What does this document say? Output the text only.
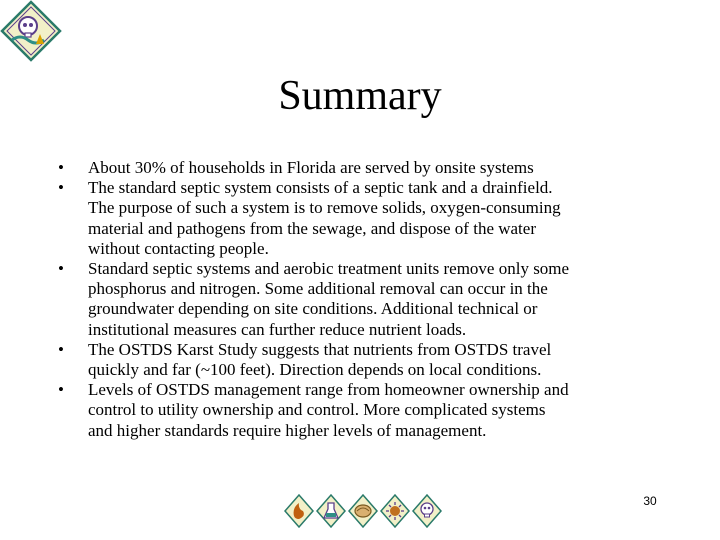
Summary
• About 30% of households in Florida are served by onsite systems
• The standard septic system consists of a septic tank and a drainfield.
The purpose of such a system is to remove solids, oxygen-consuming
material and pathogens from the sewage, and dispose of the water
without contacting people.
• Standard septic systems and aerobic treatment units remove only some
phosphorus and nitrogen. Some additional removal can occur in the
groundwater depending on site conditions. Additional technical or
institutional measures can further reduce nutrient loads.
• The OSTDS Karst Study suggests that nutrients from OSTDS travel
quickly and far (~100 feet). Direction depends on local conditions.
• Levels of OSTDS management range from homeowner ownership and
control to utility ownership and control. More complicated systems
and higher standards require higher levels of management.
30
